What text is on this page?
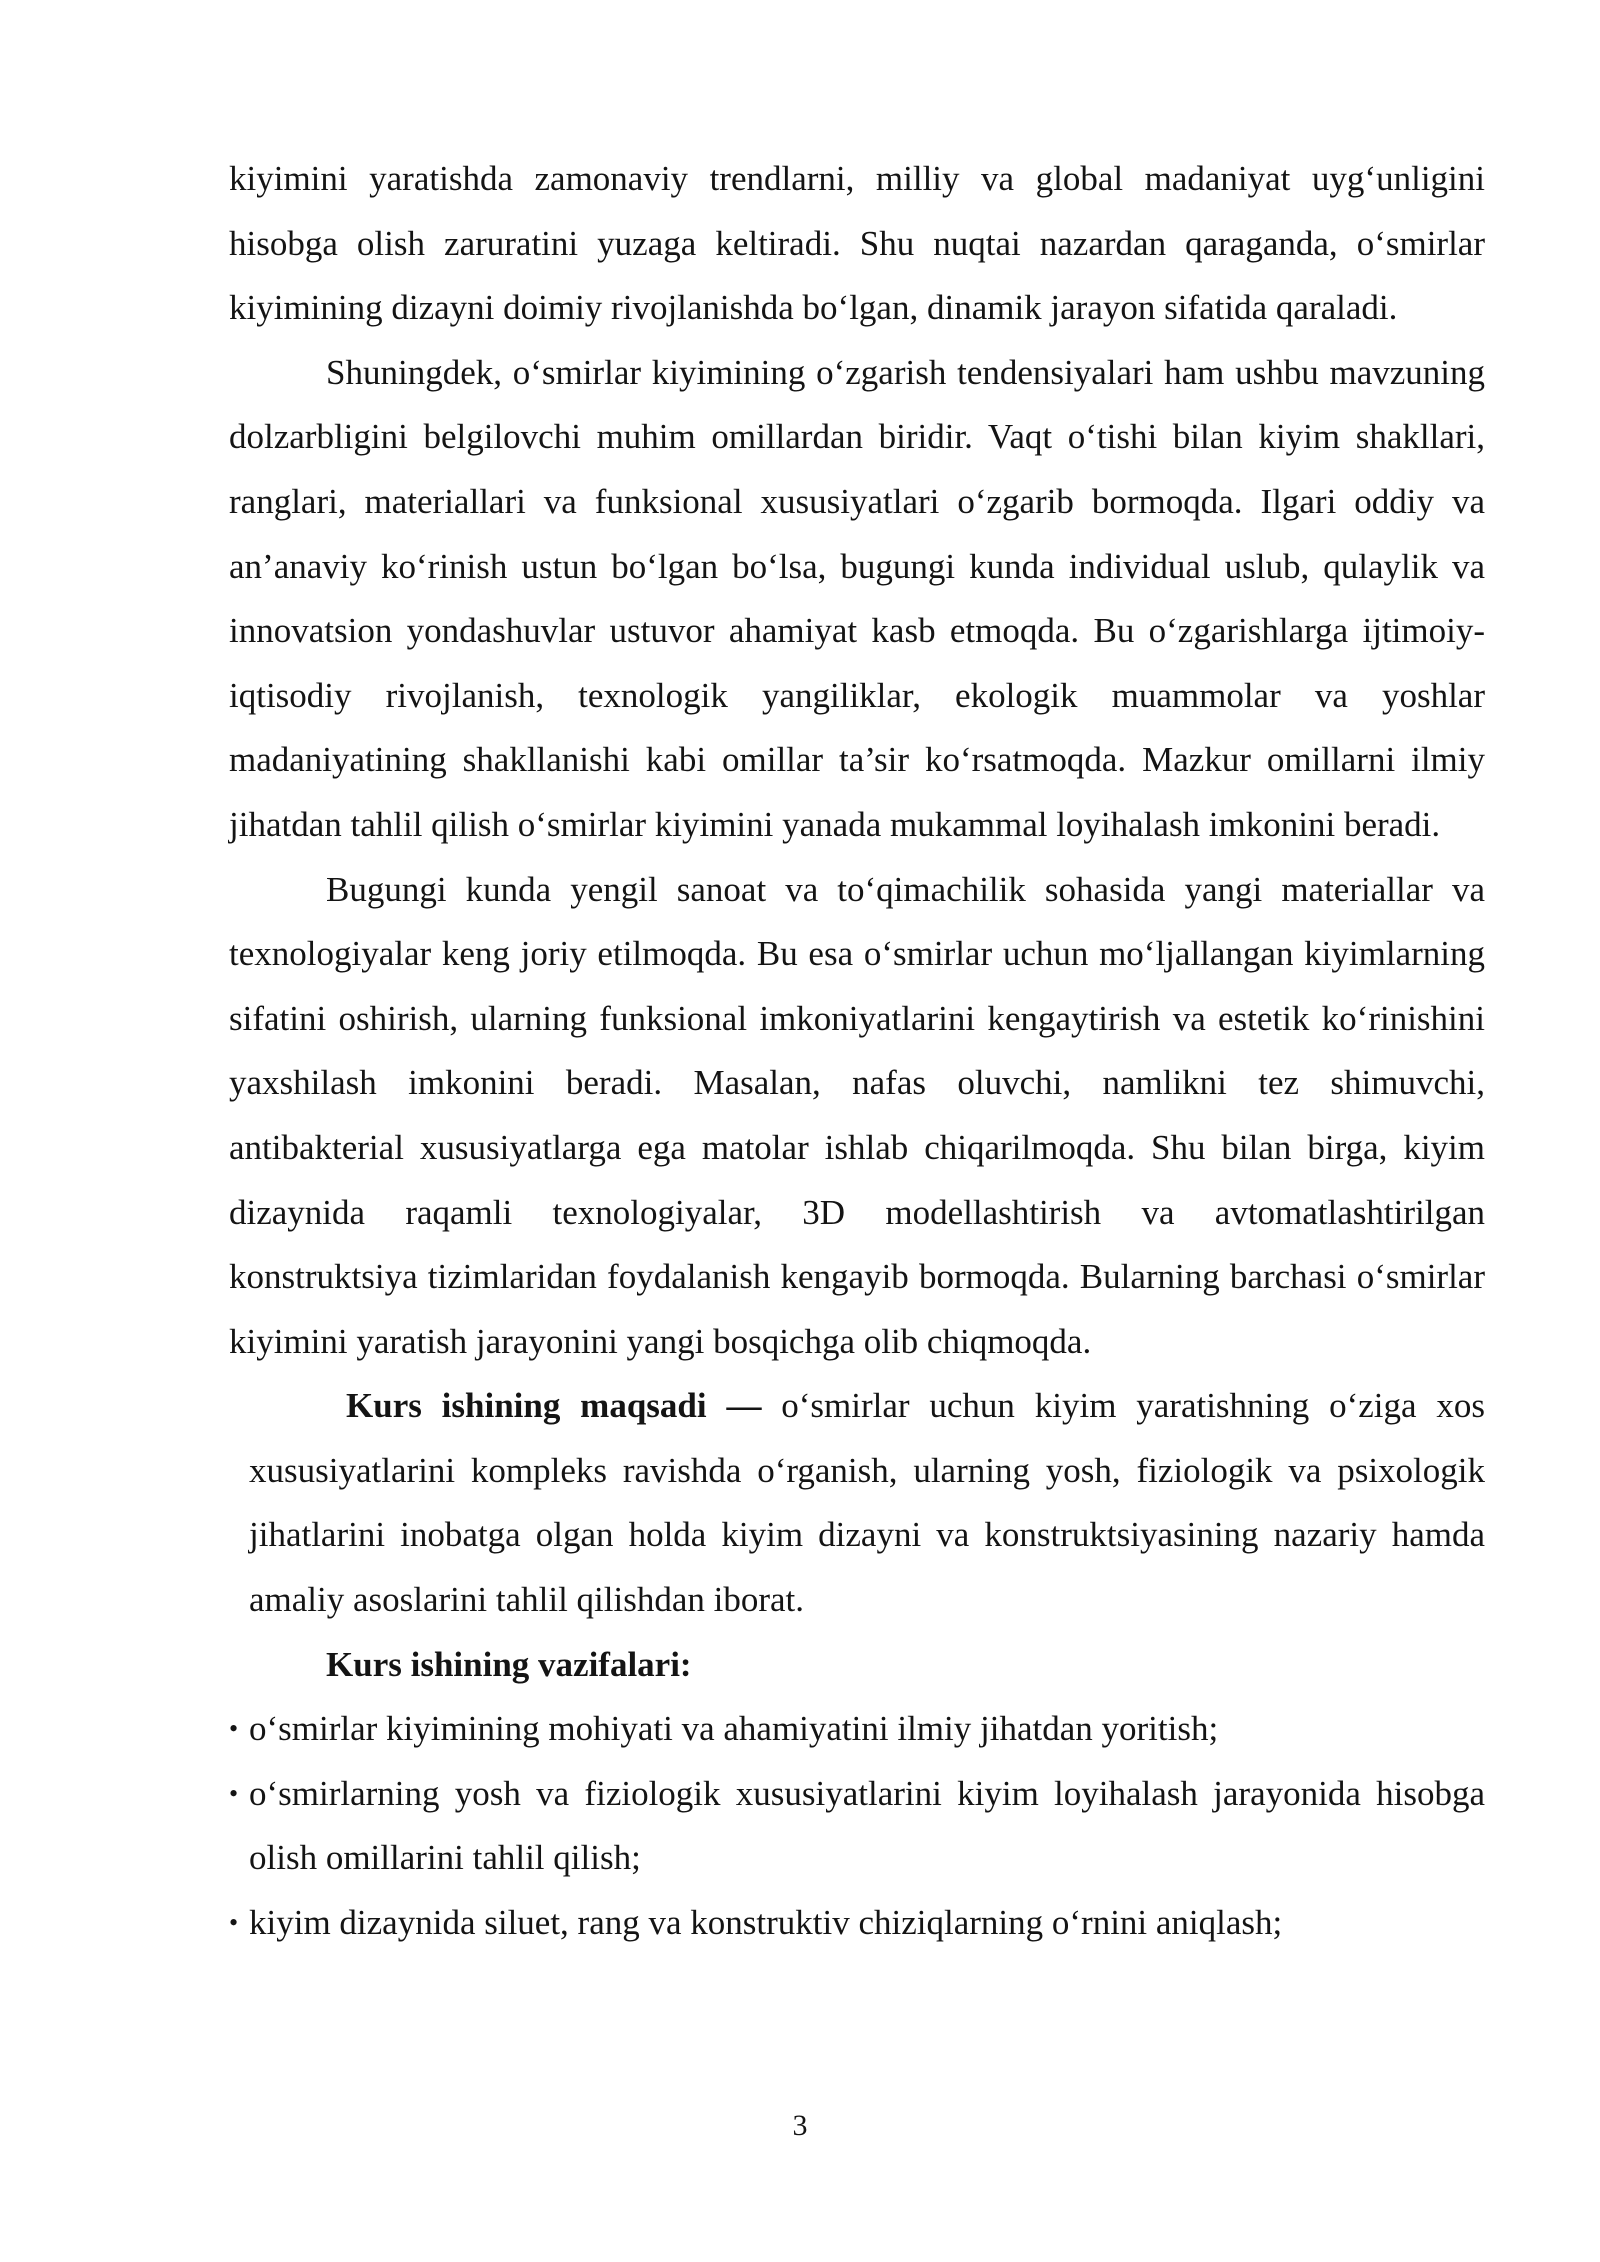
kiyimini yaratishda zamonaviy trendlarni, milliy va global madaniyat uyg‘unligini hisobga olish zaruratini yuzaga keltiradi. Shu nuqtai nazardan qaraganda, o‘smirlar kiyimining dizayni doimiy rivojlanishda bo‘lgan, dinamik jarayon sifatida qaraladi.

Shuningdek, o‘smirlar kiyimining o‘zgarish tendensiyalari ham ushbu mavzuning dolzarbligini belgilovchi muhim omillardan biridir. Vaqt o‘tishi bilan kiyim shakllari, ranglari, materiallari va funksional xususiyatlari o‘zgarib bormoqda. Ilgari oddiy va an’anaviy ko‘rinish ustun bo‘lgan bo‘lsa, bugungi kunda individual uslub, qulaylik va innovatsion yondashuvlar ustuvor ahamiyat kasb etmoqda. Bu o‘zgarishlarga ijtimoiy-iqtisodiy rivojlanish, texnologik yangiliklar, ekologik muammolar va yoshlar madaniyatining shakllanishi kabi omillar ta’sir ko‘rsatmoqda. Mazkur omillarni ilmiy jihatdan tahlil qilish o‘smirlar kiyimini yanada mukammal loyihalash imkonini beradi.

Bugungi kunda yengil sanoat va to‘qimachilik sohasida yangi materiallar va texnologiyalar keng joriy etilmoqda. Bu esa o‘smirlar uchun mo‘ljallangan kiyimlarning sifatini oshirish, ularning funksional imkoniyatlarini kengaytirish va estetik ko‘rinishini yaxshilash imkonini beradi. Masalan, nafas oluvchi, namlikni tez shimuvchi, antibakterial xususiyatlarga ega matolar ishlab chiqarilmoqda. Shu bilan birga, kiyim dizaynida raqamli texnologiyalar, 3D modellashtirish va avtomatlashtirilgan konstruktsiya tizimlaridan foydalanish kengayib bormoqda. Bularning barchasi o‘smirlar kiyimini yaratish jarayonini yangi bosqichga olib chiqmoqda.

Kurs ishining maqsadi — o‘smirlar uchun kiyim yaratishning o‘ziga xos xususiyatlarini kompleks ravishda o‘rganish, ularning yosh, fiziologik va psixologik jihatlarini inobatga olgan holda kiyim dizayni va konstruktsiyasining nazariy hamda amaliy asoslarini tahlil qilishdan iborat.

Kurs ishining vazifalari:

• o‘smirlar kiyimining mohiyati va ahamiyatini ilmiy jihatdan yoritish;
• o‘smirlarning yosh va fiziologik xususiyatlarini kiyim loyihalash jarayonida hisobga olish omillarini tahlil qilish;
• kiyim dizaynida siluet, rang va konstruktiv chiziqlarning o‘rnini aniqlash;
3
